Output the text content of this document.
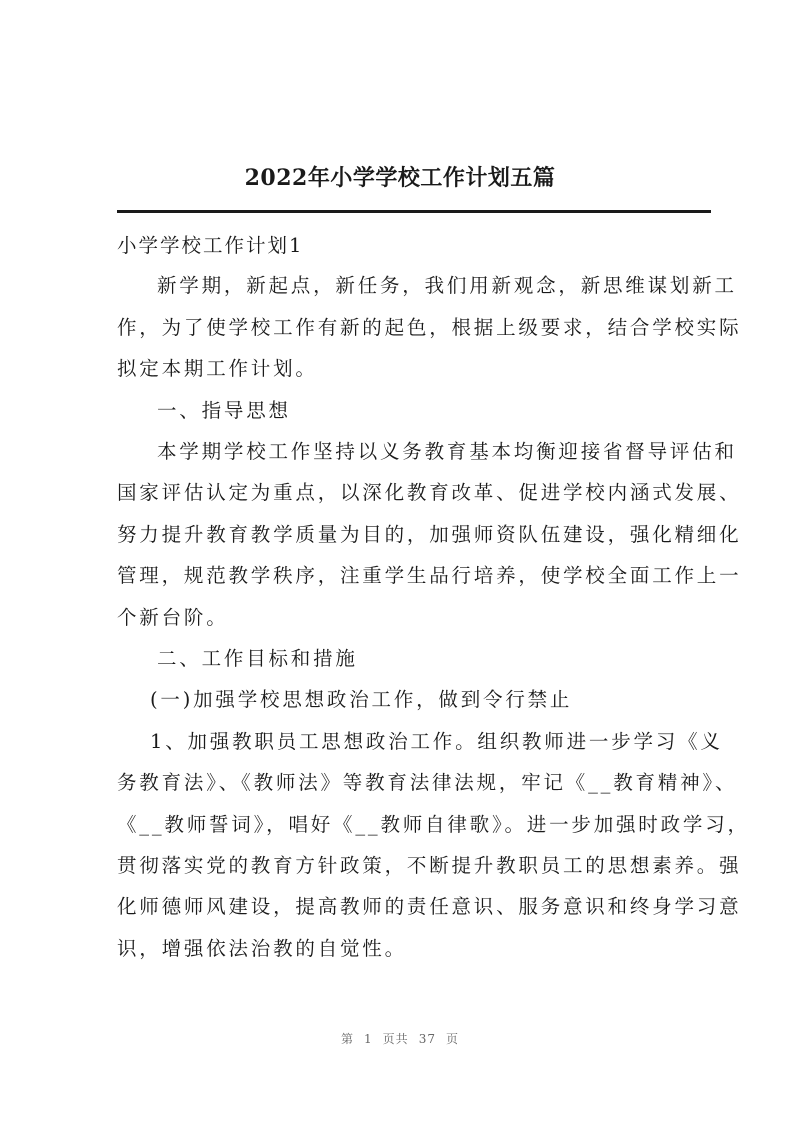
2022年小学学校工作计划五篇
小学学校工作计划1
新学期，新起点，新任务，我们用新观念，新思维谋划新工
作，为了使学校工作有新的起色，根据上级要求，结合学校实际
拟定本期工作计划。
一、指导思想
本学期学校工作坚持以义务教育基本均衡迎接省督导评估和
国家评估认定为重点，以深化教育改革、促进学校内涵式发展、
努力提升教育教学质量为目的，加强师资队伍建设，强化精细化
管理，规范教学秩序，注重学生品行培养，使学校全面工作上一
个新台阶。
二、工作目标和措施
(一)加强学校思想政治工作，做到令行禁止
1、加强教职员工思想政治工作。组织教师进一步学习《义
务教育法》、《教师法》等教育法律法规，牢记《__教育精神》、
《__教师誓词》，唱好《__教师自律歌》。进一步加强时政学习，
贯彻落实党的教育方针政策，不断提升教职员工的思想素养。强
化师德师风建设，提高教师的责任意识、服务意识和终身学习意
识，增强依法治教的自觉性。
第 1 页共 37 页
